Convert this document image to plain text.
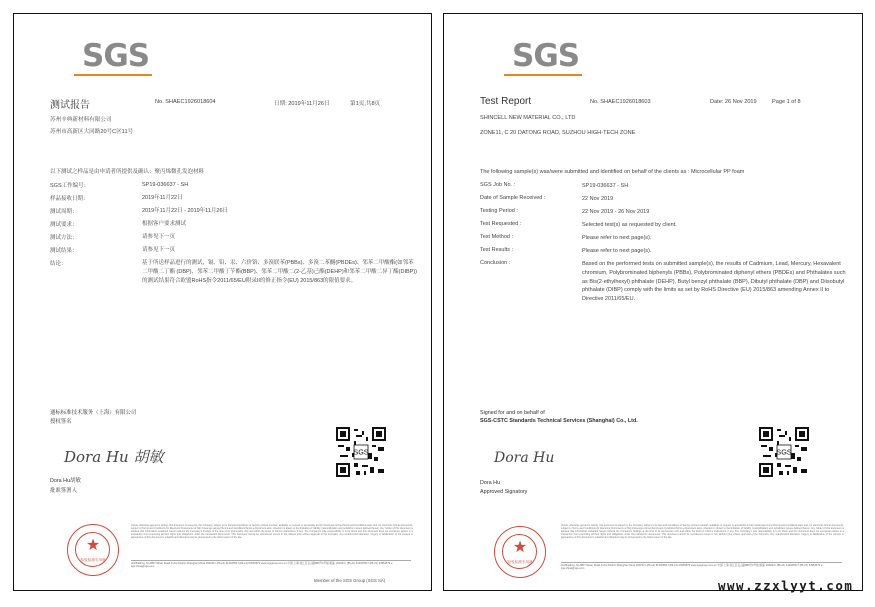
SGS
测试报告	No. SHAEC1926018604	日期: 2019年11月26日	第1页,共8页
苏州辛典新材料有限公司
苏州市高新区大同路20号C区11号
以下测试之样品是由申请者所提供及确认：聚丙烯微孔发泡材料
SGS工作编号：	SP19-036637 - SH
样品接收日期：	2019年11月22日
测试周期：	2019年11月22日 - 2019年11月26日
测试要求：	根据客户要求测试
测试方法：	请参见下一页
测试结果：	请参见下一页
结论：	基于所送样品进行的测试，镉、铅、汞、六价铬、多溴联苯(PBBs)、多溴二苯醚(PBDEs)、邻苯二甲酸酯(如邻苯二甲酸二丁酯 (DBP)、邻苯二甲酸丁苄酯(BBP)、邻苯二甲酸二(2-乙基)己酯(DEHP)和邻苯二甲酸二异丁酯(DIBP))的测试结果符合欧盟RoHS指令2011/65/EU附录II的修正指令(EU) 2015/863的限值要求。
通标标准技术服务（上海）有限公司
授权签名
Dora Hu 胡敏
Dora Hu胡敏
批准签署人
SGS
★
检验检测专用章
Unless otherwise agreed in writing, this document is issued by the Company subject to its General Conditions of Service printed overleaf, available on request or accessible at http://www.sgs.com/en/Terms-and-Conditions.aspx and, for electronic format documents, subject to Terms and Conditions for Electronic Documents at http://www.sgs.com/en/Terms-and-Conditions/Terms-e-Document.aspx. Attention is drawn to the limitation of liability, indemnification and jurisdiction issues defined therein. Any holder of this document is advised that information contained hereon reflects the Company's findings at the time of its intervention only and within the limits of Client's instructions, if any. The Company's sole responsibility is to its Client and this document does not exonerate parties to a transaction from exercising all their rights and obligations under the transaction documents. This document cannot be reproduced except in full, without prior written approval of the Company. Any unauthorized alteration, forgery or falsification of the content or appearance of this document is unlawful and offenders may be prosecuted to the fullest extent of the law.
3rd Building, No.889 Yishan Road Xuhui District Shanghai China 200233 t (86-21) 61402553 f (86-21) 64953679 www.sgsgroup.com.cn 中国·上海·徐汇区宜山路889号3号楼 邮编: 200233 t (86-21) 61402553 f (86-21) 64953679 e sgs.china@sgs.com
Member of the SGS Group (SGS SA)
SGS
Test Report	No. SHAEC1926018603	Date: 26 Nov 2019	Page 1 of 8
SHINCELL NEW MATERIAL CO., LTD
ZONE11, C 20 DATONG ROAD, SUZHOU HIGH-TECH ZONE
The following sample(s) was/were submitted and identified on behalf of the clients as : Microcellular PP foam
SGS Job No. :	SP19-036637 - SH
Date of Sample Received :	22 Nov 2019
Testing Period :	22 Nov 2019 - 26 Nov 2019
Test Requested :	Selected test(s) as requested by client.
Test Method :	Please refer to next page(s).
Test Results :	Please refer to next page(s).
Conclusion :	Based on the performed tests on submitted sample(s), the results of Cadmium, Lead, Mercury, Hexavalent chromium, Polybrominated biphenyls (PBBs), Polybrominated diphenyl ethers (PBDEs) and Phthalates such as Bis(2-ethylhexyl) phthalate (DEHP), Butyl benzyl phthalate (BBP), Dibutyl phthalate (DBP) and Diisobutyl phthalate (DIBP) comply with the limits as set by RoHS Directive (EU) 2015/863 amending Annex II to Directive 2011/65/EU.
Signed for and on behalf of
SGS-CSTC Standards Technical Services (Shanghai) Co., Ltd.
Dora Hu
Dora Hu
Approved Signatory
SGS
★
检验检测专用章
Unless otherwise agreed in writing, this document is issued by the Company subject to its General Conditions of Service printed overleaf, available on request or accessible at http://www.sgs.com/en/Terms-and-Conditions.aspx and, for electronic format documents, subject to Terms and Conditions for Electronic Documents at http://www.sgs.com/en/Terms-and-Conditions/Terms-e-Document.aspx. Attention is drawn to the limitation of liability, indemnification and jurisdiction issues defined therein. Any holder of this document is advised that information contained hereon reflects the Company's findings at the time of its intervention only and within the limits of Client's instructions, if any. The Company's sole responsibility is to its Client and this document does not exonerate parties to a transaction from exercising all their rights and obligations under the transaction documents. This document cannot be reproduced except in full, without prior written approval of the Company. Any unauthorized alteration, forgery or falsification of the content or appearance of this document is unlawful and offenders may be prosecuted to the fullest extent of the law.
3rd Building, No.889 Yishan Road Xuhui District Shanghai China 200233 t (86-21) 61402553 f (86-21) 64953679 www.sgsgroup.com.cn 中国·上海·徐汇区宜山路889号3号楼 邮编: 200233 t (86-21) 61402553 f (86-21) 64953679 e sgs.china@sgs.com
www.zzxlyyt.com
